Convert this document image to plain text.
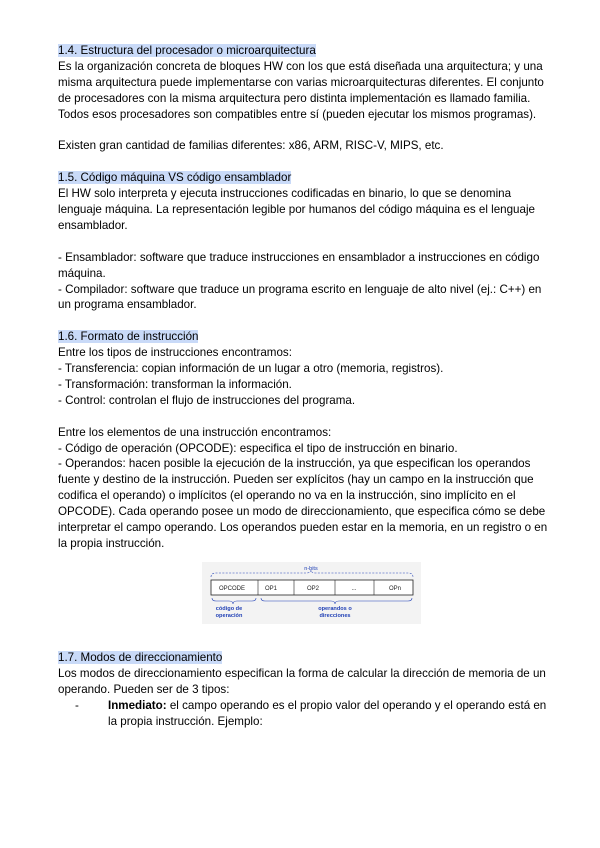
1.4. Estructura del procesador o microarquitectura

Es la organización concreta de bloques HW con los que está diseñada una arquitectura; y una misma arquitectura puede implementarse con varias microarquitecturas diferentes. El conjunto de procesadores con la misma arquitectura pero distinta implementación es llamado familia. Todos esos procesadores son compatibles entre sí (pueden ejecutar los mismos programas).

Existen gran cantidad de familias diferentes: x86, ARM, RISC-V, MIPS, etc.

1.5. Código máquina VS código ensamblador

El HW solo interpreta y ejecuta instrucciones codificadas en binario, lo que se denomina lenguaje máquina. La representación legible por humanos del código máquina es el lenguaje ensamblador.

- Ensamblador: software que traduce instrucciones en ensamblador a instrucciones en código máquina.

- Compilador: software que traduce un programa escrito en lenguaje de alto nivel (ej.: C++) en un programa ensamblador.

1.6. Formato de instrucción

Entre los tipos de instrucciones encontramos:

- Transferencia: copian información de un lugar a otro (memoria, registros).

- Transformación: transforman la información.

- Control: controlan el flujo de instrucciones del programa.

Entre los elementos de una instrucción encontramos:

- Código de operación (OPCODE): especifica el tipo de instrucción en binario.

- Operandos: hacen posible la ejecución de la instrucción, ya que especifican los operandos fuente y destino de la instrucción. Pueden ser explícitos (hay un campo en la instrucción que codifica el operando) o implícitos (el operando no va en la instrucción, sino implícito en el OPCODE). Cada operando posee un modo de direccionamiento, que especifica cómo se debe interpretar el campo operando. Los operandos pueden estar en la memoria, en un registro o en la propia instrucción.

n-bits
OPCODE	OP1	OP2	...	OPn
código de
operación
operandos o
direcciones

1.7. Modos de direccionamiento

Los modos de direccionamiento especifican la forma de calcular la dirección de memoria de un operando. Pueden ser de 3 tipos:

-	Inmediato: el campo operando es el propio valor del operando y el operando está en la propia instrucción. Ejemplo:
